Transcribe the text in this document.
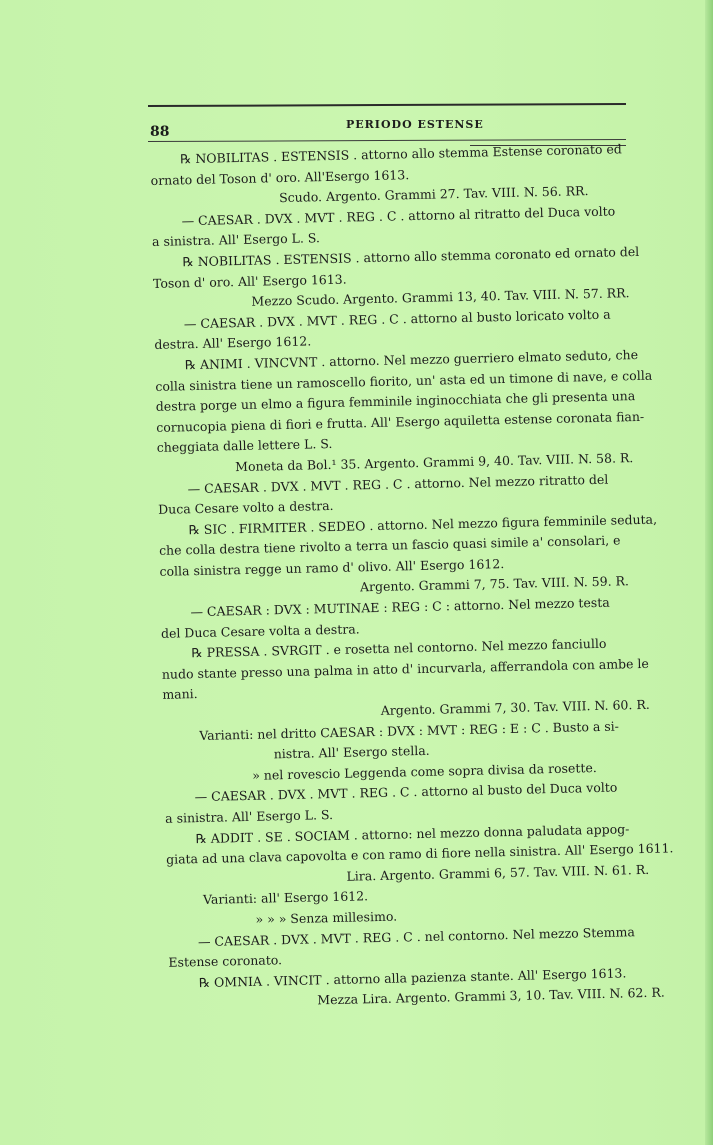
88	PERIODO ESTENSE
℞ NOBILITAS . ESTENSIS . attorno allo stemma Estense coronato ed
ornato del Toson d' oro. All'Esergo 1613.
Scudo. Argento. Grammi 27. Tav. VIII. N. 56. RR.
— CAESAR . DVX . MVT . REG . C . attorno al ritratto del Duca volto
a sinistra. All' Esergo L. S.
℞ NOBILITAS . ESTENSIS . attorno allo stemma coronato ed ornato del
Toson d' oro. All' Esergo 1613.
Mezzo Scudo. Argento. Grammi 13, 40. Tav. VIII. N. 57. RR.
— CAESAR . DVX . MVT . REG . C . attorno al busto loricato volto a
destra. All' Esergo 1612.
℞ ANIMI . VINCVNT . attorno. Nel mezzo guerriero elmato seduto, che
colla sinistra tiene un ramoscello fiorito, un' asta ed un timone di nave, e colla
destra porge un elmo a figura femminile inginocchiata che gli presenta una
cornucopia piena di fiori e frutta. All' Esergo aquiletta estense coronata fian-
cheggiata dalle lettere L. S.
Moneta da Bol.¹ 35. Argento. Grammi 9, 40. Tav. VIII. N. 58. R.
— CAESAR . DVX . MVT . REG . C . attorno. Nel mezzo ritratto del
Duca Cesare volto a destra.
℞ SIC . FIRMITER . SEDEO . attorno. Nel mezzo figura femminile seduta,
che colla destra tiene rivolto a terra un fascio quasi simile a' consolari, e
colla sinistra regge un ramo d' olivo. All' Esergo 1612.
Argento. Grammi 7, 75. Tav. VIII. N. 59. R.
— CAESAR : DVX : MUTINAE : REG : C : attorno. Nel mezzo testa
del Duca Cesare volta a destra.
℞ PRESSA . SVRGIT . e rosetta nel contorno. Nel mezzo fanciullo
nudo stante presso una palma in atto d' incurvarla, afferrandola con ambe le
mani.
Argento. Grammi 7, 30. Tav. VIII. N. 60. R.
Varianti: nel dritto CAESAR : DVX : MVT : REG : E : C . Busto a si-
nistra. All' Esergo stella.
» nel rovescio Leggenda come sopra divisa da rosette.
— CAESAR . DVX . MVT . REG . C . attorno al busto del Duca volto
a sinistra. All' Esergo L. S.
℞ ADDIT . SE . SOCIAM . attorno: nel mezzo donna paludata appog-
giata ad una clava capovolta e con ramo di fiore nella sinistra. All' Esergo 1611.
Lira. Argento. Grammi 6, 57. Tav. VIII. N. 61. R.
Varianti: all' Esergo 1612.
» » » Senza millesimo.
— CAESAR . DVX . MVT . REG . C . nel contorno. Nel mezzo Stemma
Estense coronato.
℞ OMNIA . VINCIT . attorno alla pazienza stante. All' Esergo 1613.
Mezza Lira. Argento. Grammi 3, 10. Tav. VIII. N. 62. R.
